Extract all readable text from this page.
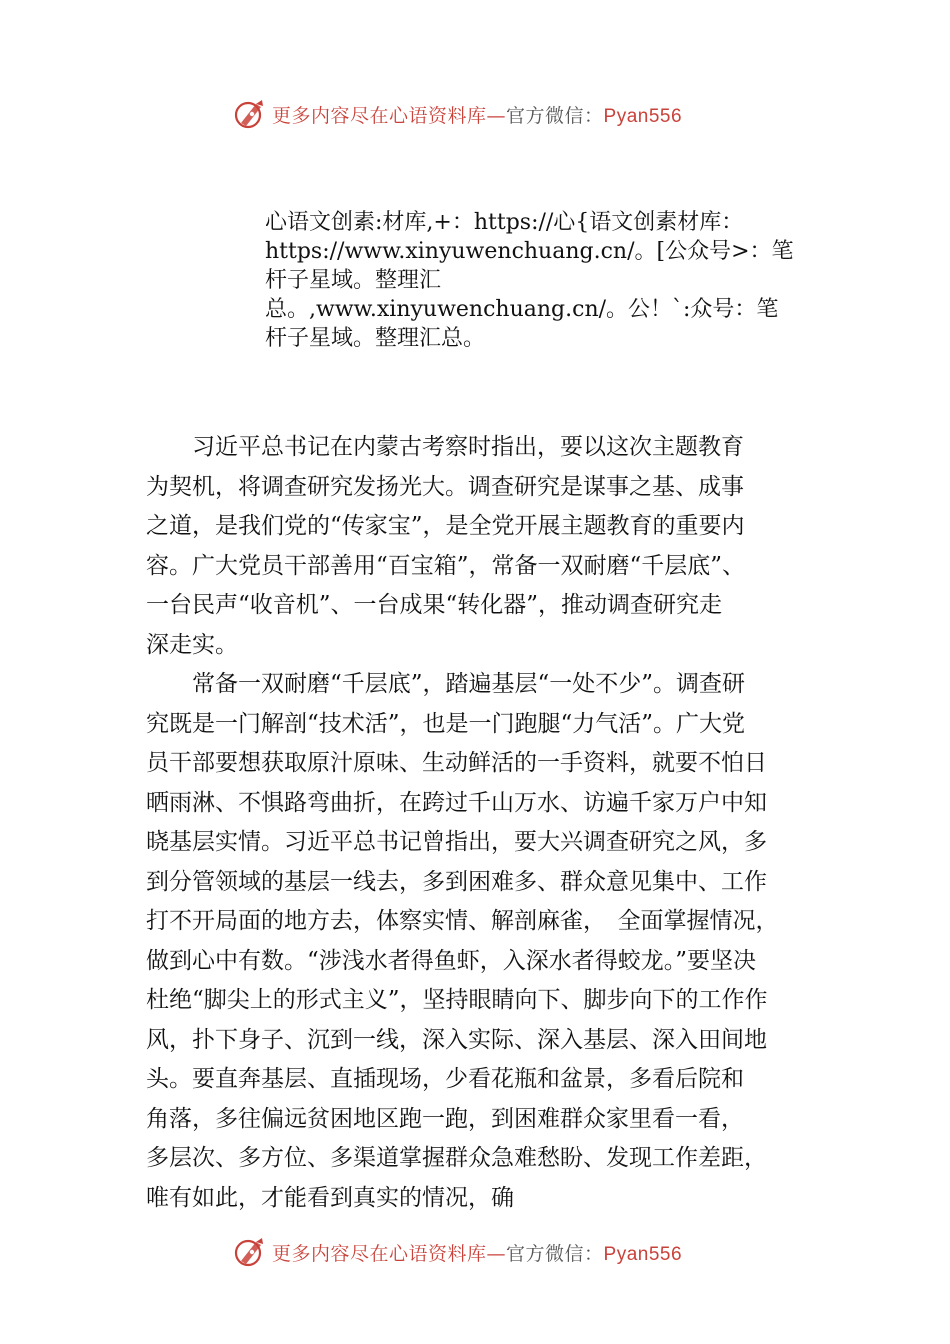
更多内容尽在心语资料库—官方微信：Pyan556
心语文创素:材库,+：https://心{语文创素材库：
https://www.xinyuwenchuang.cn/。[公众号>：笔
杆子星域。整理汇
总。,www.xinyuwenchuang.cn/。公！`:众号：笔
杆子星域。整理汇总。
　　习近平总书记在内蒙古考察时指出，要以这次主题教育
为契机，将调查研究发扬光大。调查研究是谋事之基、成事
之道，是我们党的“传家宝”，是全党开展主题教育的重要内
容。广大党员干部善用“百宝箱”，常备一双耐磨“千层底”、
一台民声“收音机”、一台成果“转化器”，推动调查研究走
深走实。
　　常备一双耐磨“千层底”，踏遍基层“一处不少”。调查研
究既是一门解剖“技术活”，也是一门跑腿“力气活”。广大党
员干部要想获取原汁原味、生动鲜活的一手资料，就要不怕日
晒雨淋、不惧路弯曲折，在跨过千山万水、访遍千家万户中知
晓基层实情。习近平总书记曾指出，要大兴调查研究之风，多
到分管领域的基层一线去，多到困难多、群众意见集中、工作
打不开局面的地方去，体察实情、解剖麻雀，　全面掌握情况，
做到心中有数。“涉浅水者得鱼虾，入深水者得蛟龙。”要坚决
杜绝“脚尖上的形式主义”，坚持眼睛向下、脚步向下的工作作
风，扑下身子、沉到一线，深入实际、深入基层、深入田间地
头。要直奔基层、直插现场，少看花瓶和盆景，多看后院和
角落，多往偏远贫困地区跑一跑，到困难群众家里看一看，
多层次、多方位、多渠道掌握群众急难愁盼、发现工作差距，
唯有如此，才能看到真实的情况，确
更多内容尽在心语资料库—官方微信：Pyan556
